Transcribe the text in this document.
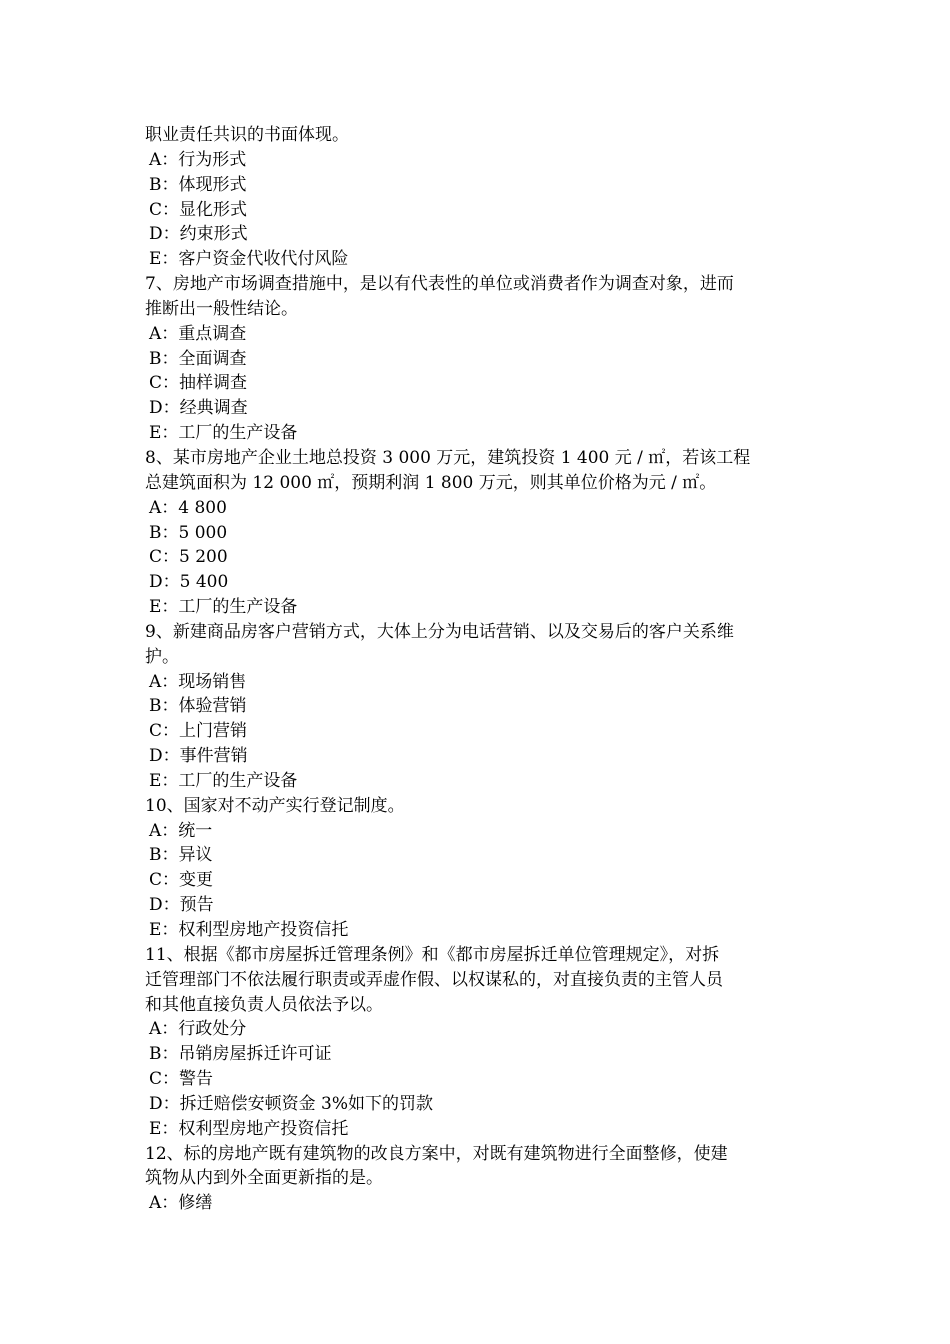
职业责任共识的书面体现。
A：行为形式
B：体现形式
C：显化形式
D：约束形式
E：客户资金代收代付风险
7、房地产市场调查措施中，是以有代表性的单位或消费者作为调查对象，进而
推断出一般性结论。
A：重点调查
B：全面调查
C：抽样调查
D：经典调查
E：工厂的生产设备
8、某市房地产企业土地总投资 3 000 万元，建筑投资 1 400 元 / ㎡，若该工程
总建筑面积为 12 000 ㎡，预期利润 1 800 万元，则其单位价格为元 / ㎡。
A：4 800
B：5 000
C：5 200
D：5 400
E：工厂的生产设备
9、新建商品房客户营销方式，大体上分为电话营销、以及交易后的客户关系维
护。
A：现场销售
B：体验营销
C：上门营销
D：事件营销
E：工厂的生产设备
10、国家对不动产实行登记制度。
A：统一
B：异议
C：变更
D：预告
E：权利型房地产投资信托
11、根据《都市房屋拆迁管理条例》和《都市房屋拆迁单位管理规定》，对拆
迁管理部门不依法履行职责或弄虚作假、以权谋私的，对直接负责的主管人员
和其他直接负责人员依法予以。
A：行政处分
B：吊销房屋拆迁许可证
C：警告
D：拆迁赔偿安顿资金 3%如下的罚款
E：权利型房地产投资信托
12、标的房地产既有建筑物的改良方案中，对既有建筑物进行全面整修，使建
筑物从内到外全面更新指的是。
A：修缮
